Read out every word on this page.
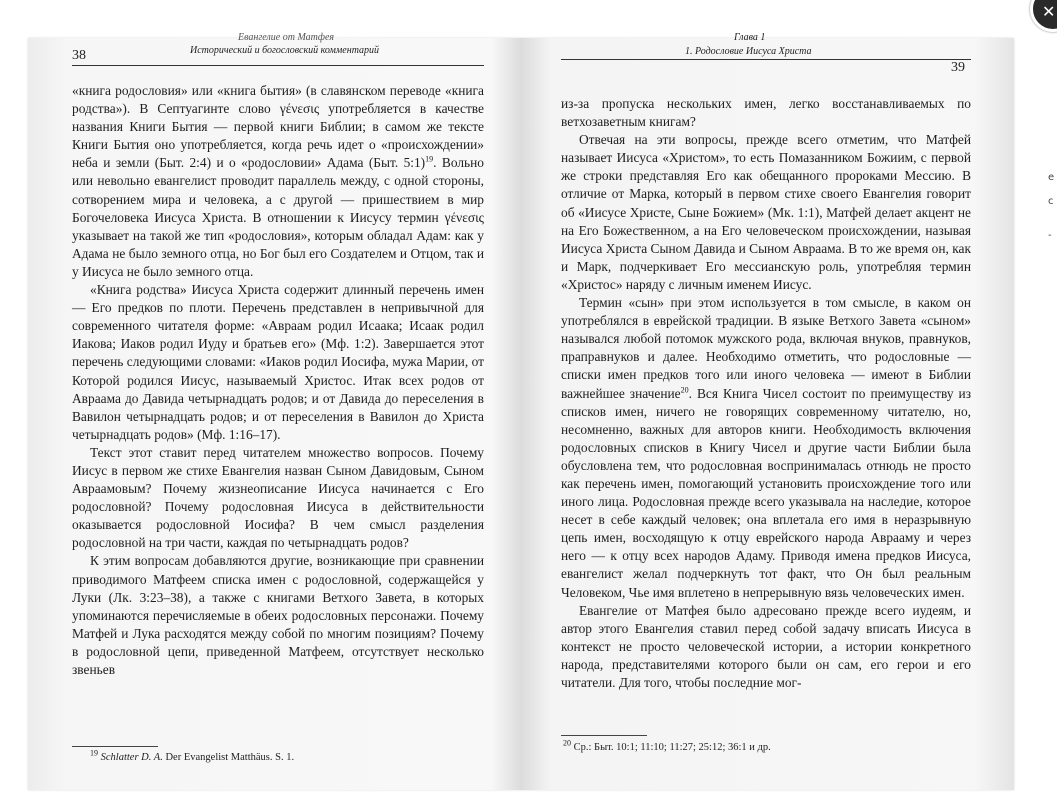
Евангелие от Матфея
38	Исторический и богословский комментарий

«книга родословия» или «книга бытия» (в славянском переводе «книга родства»). В Септуагинте слово γένεσις употребляется в качестве названия Книги Бытия — первой книги Библии; в самом же тексте Книги Бытия оно употребляется, когда речь идет о «происхождении» неба и земли (Быт. 2:4) и о «родословии» Адама (Быт. 5:1)$^{19}$. Вольно или невольно евангелист проводит параллель между, с одной стороны, сотворением мира и человека, а с другой — пришествием в мир Богочеловека Иисуса Христа. В отношении к Иисусу термин γένεσις указывает на такой же тип «родословия», которым обладал Адам: как у Адама не было земного отца, но Бог был его Создателем и Отцом, так и у Иисуса не было земного отца.

«Книга родства» Иисуса Христа содержит длинный перечень имен — Его предков по плоти. Перечень представлен в непривычной для современного читателя форме: «Авраам родил Исаака; Исаак родил Иакова; Иаков родил Иуду и братьев его» (Мф. 1:2). Завершается этот перечень следующими словами: «Иаков родил Иосифа, мужа Марии, от Которой родился Иисус, называемый Христос. Итак всех родов от Авраама до Давида четырнадцать родов; и от Давида до переселения в Вавилон четырнадцать родов; и от переселения в Вавилон до Христа четырнадцать родов» (Мф. 1:16–17).

Текст этот ставит перед читателем множество вопросов. Почему Иисус в первом же стихе Евангелия назван Сыном Давидовым, Сыном Авраамовым? Почему жизнеописание Иисуса начинается с Его родословной? Почему родословная Иисуса в действительности оказывается родословной Иосифа? В чем смысл разделения родословной на три части, каждая по четырнадцать родов?

К этим вопросам добавляются другие, возникающие при сравнении приводимого Матфеем списка имен с родословной, содержащейся у Луки (Лк. 3:23–38), а также с книгами Ветхого Завета, в которых упоминаются перечисляемые в обеих родословных персонажи. Почему Матфей и Лука расходятся между собой по многим позициям? Почему в родословной цепи, приведенной Матфеем, отсутствует несколько звеньев

$^{19}$ Schlatter D. A. Der Evangelist Matthäus. S. 1.
Глава 1
1. Родословие Иисуса Христа
39

из-за пропуска нескольких имен, легко восстанавливаемых по ветхозаветным книгам?

Отвечая на эти вопросы, прежде всего отметим, что Матфей называет Иисуса «Христом», то есть Помазанником Божиим, с первой же строки представляя Его как обещанного пророками Мессию. В отличие от Марка, который в первом стихе своего Евангелия говорит об «Иисусе Христе, Сыне Божием» (Мк. 1:1), Матфей делает акцент не на Его Божественном, а на Его человеческом происхождении, называя Иисуса Христа Сыном Давида и Сыном Авраама. В то же время он, как и Марк, подчеркивает Его мессианскую роль, употребляя термин «Христос» наряду с личным именем Иисус.

Термин «сын» при этом используется в том смысле, в каком он употреблялся в еврейской традиции. В языке Ветхого Завета «сыном» назывался любой потомок мужского рода, включая внуков, правнуков, праправнуков и далее. Необходимо отметить, что родословные — списки имен предков того или иного человека — имеют в Библии важнейшее значение$^{20}$. Вся Книга Чисел состоит по преимуществу из списков имен, ничего не говорящих современному читателю, но, несомненно, важных для авторов книги. Необходимость включения родословных списков в Книгу Чисел и другие части Библии была обусловлена тем, что родословная воспринималась отнюдь не просто как перечень имен, помогающий установить происхождение того или иного лица. Родословная прежде всего указывала на наследие, которое несет в себе каждый человек; она вплетала его имя в неразрывную цепь имен, восходящую к отцу еврейского народа Аврааму и через него — к отцу всех народов Адаму. Приводя имена предков Иисуса, евангелист желал подчеркнуть тот факт, что Он был реальным Человеком, Чье имя вплетено в непрерывную вязь человеческих имен.

Евангелие от Матфея было адресовано прежде всего иудеям, и автор этого Евангелия ставил перед собой задачу вписать Иисуса в контекст не просто человеческой истории, а истории конкретного народа, представителями которого были он сам, его герои и его читатели. Для того, чтобы последние мог-

$^{20}$ Ср.: Быт. 10:1; 11:10; 11:27; 25:12; 36:1 и др.
е
с
-
✕
